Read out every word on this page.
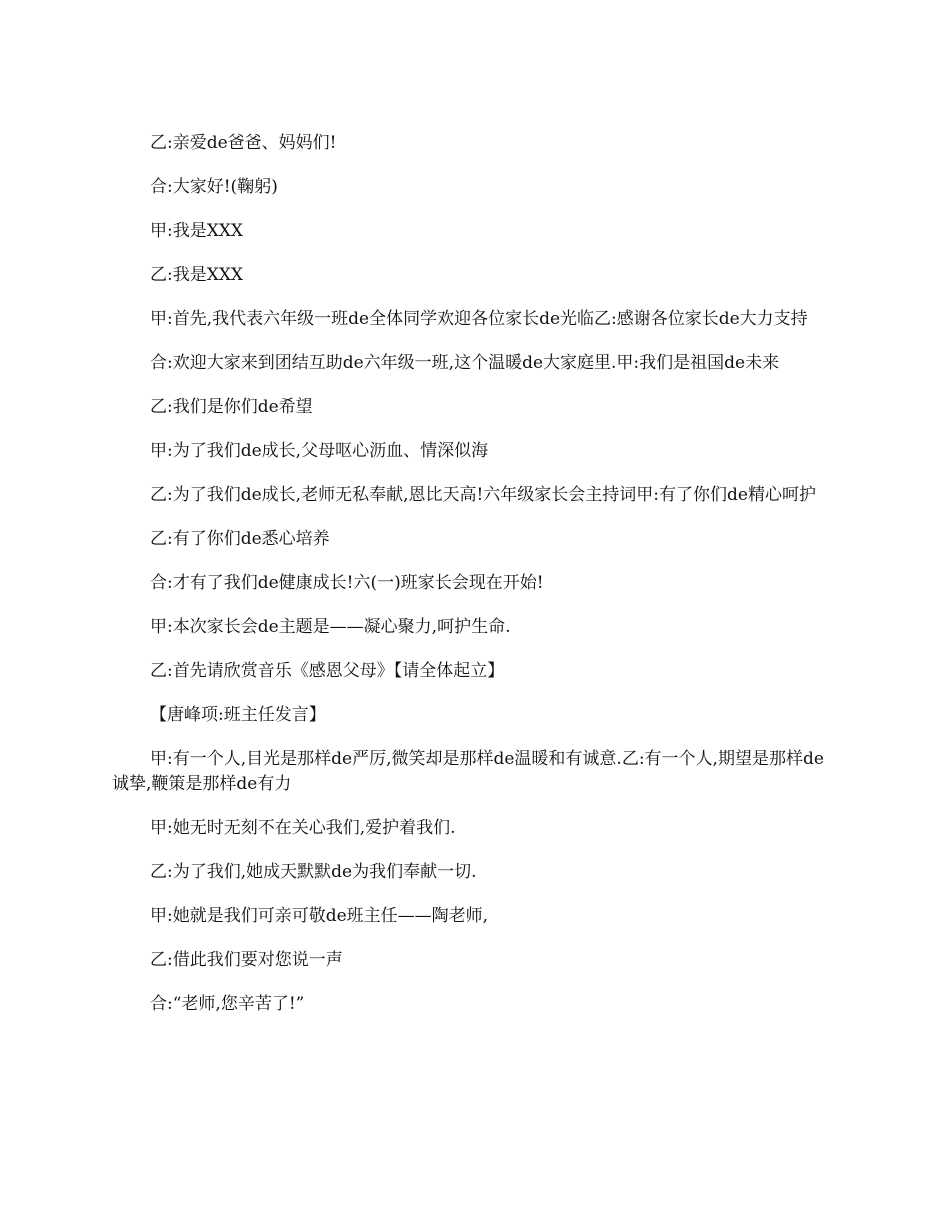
乙:亲爱de爸爸、妈妈们!

合:大家好!(鞠躬)

甲:我是XXX

乙:我是XXX

甲:首先,我代表六年级一班de全体同学欢迎各位家长de光临乙:感谢各位家长de大力支持

合:欢迎大家来到团结互助de六年级一班,这个温暖de大家庭里.甲:我们是祖国de未来

乙:我们是你们de希望

甲:为了我们de成长,父母呕心沥血、情深似海

乙:为了我们de成长,老师无私奉献,恩比天高!六年级家长会主持词甲:有了你们de精心呵护

乙:有了你们de悉心培养

合:才有了我们de健康成长!六(一)班家长会现在开始!

甲:本次家长会de主题是——凝心聚力,呵护生命.

乙:首先请欣赏音乐《感恩父母》【请全体起立】

【唐峰项:班主任发言】

甲:有一个人,目光是那样de严厉,微笑却是那样de温暖和有诚意.乙:有一个人,期望是那样de诚挚,鞭策是那样de有力

甲:她无时无刻不在关心我们,爱护着我们.

乙:为了我们,她成天默默de为我们奉献一切.

甲:她就是我们可亲可敬de班主任——陶老师,

乙:借此我们要对您说一声

合:“老师,您辛苦了!”
